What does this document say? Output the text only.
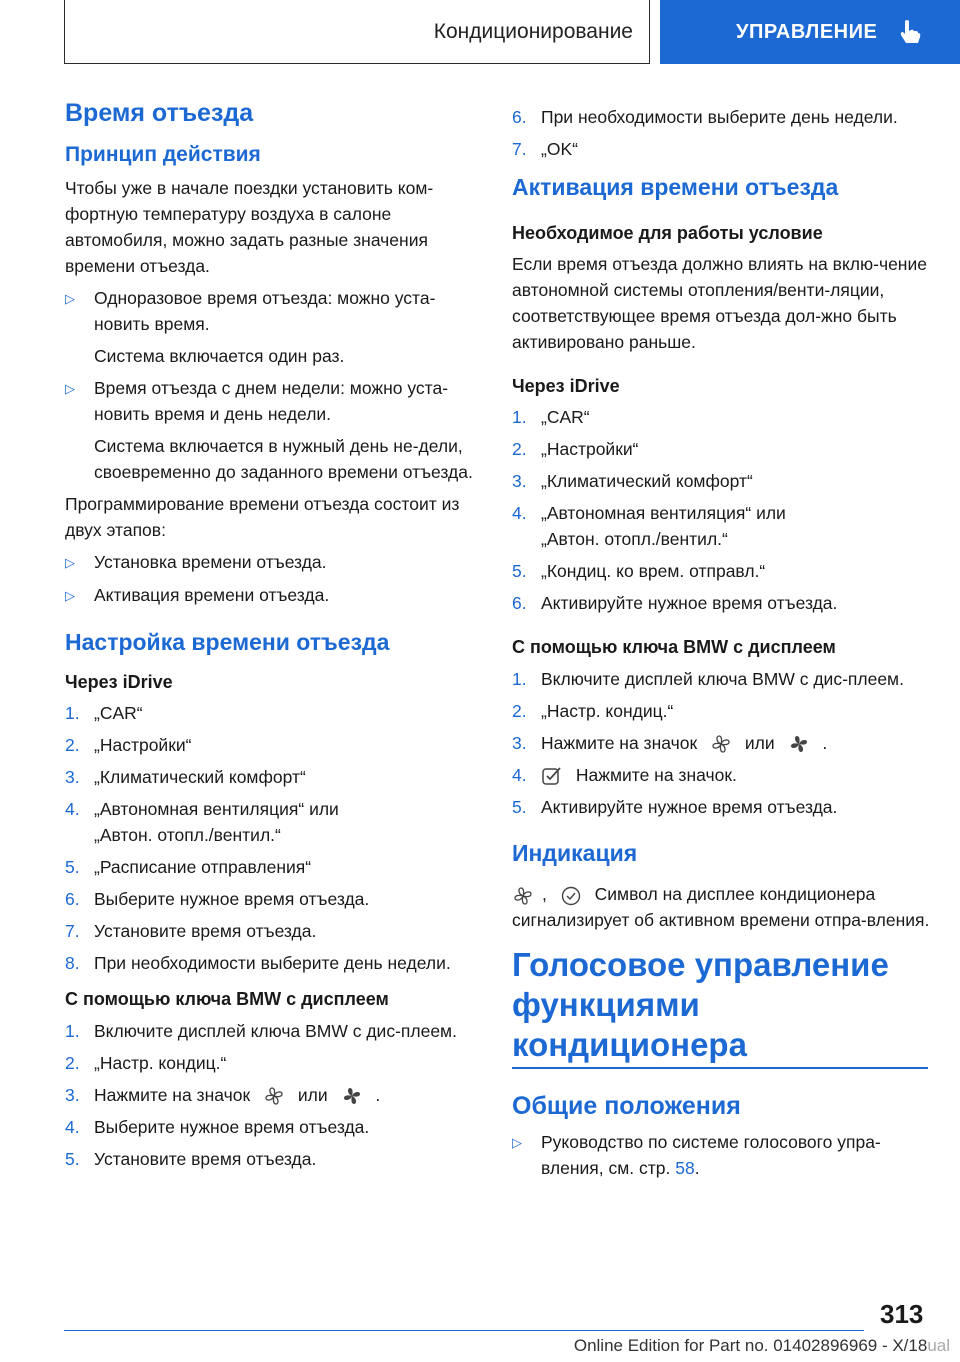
Кондиционирование	УПРАВЛЕНИЕ
Время отъезда
Принцип действия

Чтобы уже в начале поездки установить ком-фортную температуру воздуха в салоне автомобиля, можно задать разные значения времени отъезда.

▷	Одноразовое время отъезда: можно уста-новить время.
Система включается один раз.
▷	Время отъезда с днем недели: можно уста-новить время и день недели.
Система включается в нужный день не-дели, своевременно до заданного времени отъезда.

Программирование времени отъезда состоит из двух этапов:

▷	Установка времени отъезда.
▷	Активация времени отъезда.
Настройка времени отъезда
Через iDrive
1. „CAR“
2. „Настройки“
3. „Климатический комфорт“
4. „Автономная вентиляция“ или „Автон. отопл./вентил.“
5. „Расписание отправления“
6. Выберите нужное время отъезда.
7. Установите время отъезда.
8. При необходимости выберите день недели.
С помощью ключа BMW с дисплеем
1. Включите дисплей ключа BMW с дис-плеем.
2. „Настр. кондиц.“
3. Нажмите на значок	или	.
4. Выберите нужное время отъезда.
5. Установите время отъезда.
6. При необходимости выберите день недели.
7. „OK“
Активация времени отъезда
Необходимое для работы условие

Если время отъезда должно влиять на вклю-чение автономной системы отопления/венти-ляции, соответствующее время отъезда дол-жно быть активировано раньше.

Через iDrive
1. „CAR“
2. „Настройки“
3. „Климатический комфорт“
4. „Автономная вентиляция“ или „Автон. отопл./вентил.“
5. „Кондиц. ко врем. отправл.“
6. Активируйте нужное время отъезда.
С помощью ключа BMW с дисплеем
1. Включите дисплей ключа BMW с дис-плеем.
2. „Настр. кондиц.“
3. Нажмите на значок	или	.
4.	Нажмите на значок.
5. Активируйте нужное время отъезда.
Индикация

,	Символ на дисплее кондиционера сигнализирует об активном времени отпра-вления.

Голосовое управление функциями кондиционера
Общие положения
▷	Руководство по системе голосового упра-вления, см. стр. 58.
313
Online Edition for Part no. 01402896969 - X/18ual
